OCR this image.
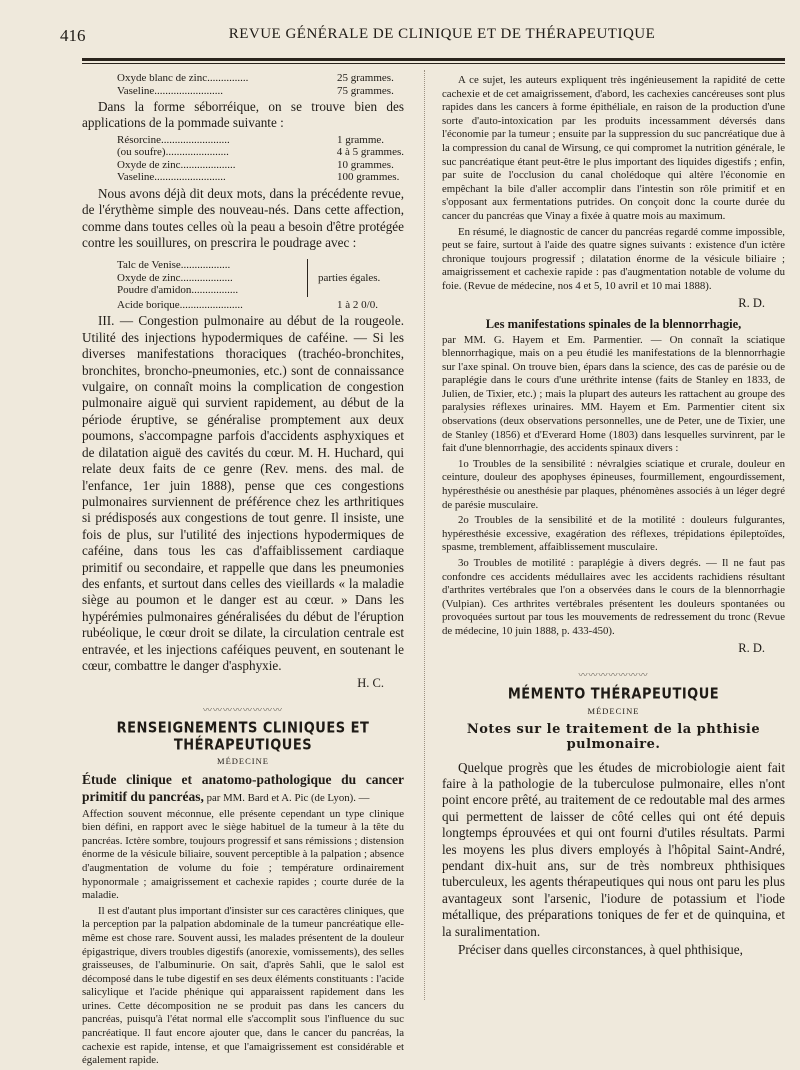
416	REVUE GÉNÉRALE DE CLINIQUE ET DE THÉRAPEUTIQUE
Oxyde blanc de zinc...............	25 grammes.
Vaseline.........................	75 grammes.

Dans la forme séborréique, on se trouve bien des applications de la pommade suivante :

Résorcine.........................	1 gramme.
(ou soufre).......................	4 à 5 grammes.
Oxyde de zinc....................	10 grammes.
Vaseline..........................	100 grammes.

Nous avons déjà dit deux mots, dans la précédente revue, de l'érythème simple des nouveau-nés. Dans cette affection, comme dans toutes celles où la peau a besoin d'être protégée contre les souillures, on prescrira le poudrage avec :

Talc de Venise..................
Oxyde de zinc...................
Poudre d'amidon.................
parties égales.
Acide borique.......................	1 à 2 0/0.

III. — Congestion pulmonaire au début de la rougeole. Utilité des injections hypodermiques de caféine. — Si les diverses manifestations thoraciques (trachéo-bronchites, bronchites, broncho-pneumonies, etc.) sont de connaissance vulgaire, on connaît moins la complication de congestion pulmonaire aiguë qui survient rapidement, au début de la période éruptive, se généralise promptement aux deux poumons, s'accompagne parfois d'accidents asphyxiques et de dilatation aiguë des cavités du cœur. M. H. Huchard, qui relate deux faits de ce genre (Rev. mens. des mal. de l'enfance, 1er juin 1888), pense que ces congestions pulmonaires surviennent de préférence chez les arthritiques si prédisposés aux congestions de tout genre. Il insiste, une fois de plus, sur l'utilité des injections hypodermiques de caféine, dans tous les cas d'affaiblissement cardiaque primitif ou secondaire, et rappelle que dans les pneumonies des enfants, et surtout dans celles des vieillards « la maladie siège au poumon et le danger est au cœur. » Dans les hypérémies pulmonaires généralisées du début de l'éruption rubéolique, le cœur droit se dilate, la circulation centrale est entravée, et les injections caféiques peuvent, en soutenant le cœur, combattre le danger d'asphyxie.

H. C.

〰〰〰〰〰〰〰〰
RENSEIGNEMENTS CLINIQUES ET THÉRAPEUTIQUES
MÉDECINE

Étude clinique et anatomo-pathologique du cancer primitif du pancréas, par MM. Bard et A. Pic (de Lyon). —

Affection souvent méconnue, elle présente cependant un type clinique bien défini, en rapport avec le siège habituel de la tumeur à la tête du pancréas. Ictère sombre, toujours progressif et sans rémissions ; distension énorme de la vésicule biliaire, souvent perceptible à la palpation ; absence d'augmentation de volume du foie ; température ordinairement hyponormale ; amaigrissement et cachexie rapides ; courte durée de la maladie.

Il est d'autant plus important d'insister sur ces caractères cliniques, que la perception par la palpation abdominale de la tumeur pancréatique elle-même est chose rare. Souvent aussi, les malades présentent de la douleur épigastrique, divers troubles digestifs (anorexie, vomissements), des selles graisseuses, de l'albuminurie. On sait, d'après Sahli, que le salol est décomposé dans le tube digestif en ses deux éléments constituants : l'acide salicylique et l'acide phénique qui apparaissent rapidement dans les urines. Cette décomposition ne se produit pas dans les cancers du pancréas, puisqu'à l'état normal elle s'accomplit sous l'influence du suc pancréatique. Il faut encore ajouter que, dans le cancer du pancréas, la cachexie est rapide, intense, et que l'amaigrissement est considérable et également rapide.

A ce sujet, les auteurs expliquent très ingénieusement la rapidité de cette cachexie et de cet amaigrissement, d'abord, les cachexies cancéreuses sont plus rapides dans les cancers à forme épithéliale, en raison de la production d'une sorte d'auto-intoxication par les produits incessamment déversés dans l'économie par la tumeur ; ensuite par la suppression du suc pancréatique due à la compression du canal de Wirsung, ce qui compromet la nutrition générale, le suc pancréatique étant peut-être le plus important des liquides digestifs ; enfin, par suite de l'occlusion du canal cholédoque qui altère l'économie en empêchant la bile d'aller accomplir dans l'intestin son rôle primitif et en s'opposant aux fermentations putrides. On conçoit donc la courte durée du cancer du pancréas que Vinay a fixée à quatre mois au maximum.

En résumé, le diagnostic de cancer du pancréas regardé comme impossible, peut se faire, surtout à l'aide des quatre signes suivants : existence d'un ictère chronique toujours progressif ; dilatation énorme de la vésicule biliaire ; amaigrissement et cachexie rapide : pas d'augmentation notable de volume du foie. (Revue de médecine, nos 4 et 5, 10 avril et 10 mai 1888).

R. D.

Les manifestations spinales de la blennorrhagie,

par MM. G. Hayem et Em. Parmentier. — On connaît la sciatique blennorrhagique, mais on a peu étudié les manifestations de la blennorrhagie sur l'axe spinal. On trouve bien, épars dans la science, des cas de parésie ou de paraplégie dans le cours d'une uréthrite intense (faits de Stanley en 1833, de Julien, de Tixier, etc.) ; mais la plupart des auteurs les rattachent au groupe des paralysies réflexes urinaires. MM. Hayem et Em. Parmentier citent six observations (deux observations personnelles, une de Peter, une de Tixier, une de Stanley (1856) et d'Everard Home (1803) dans lesquelles survinrent, par le fait d'une blennorrhagie, des accidents spinaux divers :

1o Troubles de la sensibilité : névralgies sciatique et crurale, douleur en ceinture, douleur des apophyses épineuses, fourmillement, engourdissement, hypéresthésie ou anesthésie par plaques, phénomènes associés à un léger degré de parésie musculaire.

2o Troubles de la sensibilité et de la motilité : douleurs fulgurantes, hypéresthésie excessive, exagération des réflexes, trépidations épileptoïdes, spasme, tremblement, affaiblissement musculaire.

3o Troubles de motilité : paraplégie à divers degrés. — Il ne faut pas confondre ces accidents médullaires avec les accidents rachidiens résultant d'arthrites vertébrales que l'on a observées dans le cours de la blennorrhagie (Vulpian). Ces arthrites vertébrales présentent les douleurs spontanées ou provoquées surtout par tous les mouvements de redressement du tronc (Revue de médecine, 10 juin 1888, p. 433-450).

R. D.

〰〰〰〰〰〰〰
MÉMENTO THÉRAPEUTIQUE
MÉDECINE
Notes sur le traitement de la phthisie pulmonaire.

Quelque progrès que les études de microbiologie aient fait faire à la pathologie de la tuberculose pulmonaire, elles n'ont point encore prêté, au traitement de ce redoutable mal des armes qui permettent de laisser de côté celles qui ont été depuis longtemps éprouvées et qui ont fourni d'utiles résultats. Parmi les moyens les plus divers employés à l'hôpital Saint-André, pendant dix-huit ans, sur de très nombreux phthisiques tuberculeux, les agents thérapeutiques qui nous ont paru les plus avantageux sont l'arsenic, l'iodure de potassium et l'iode métallique, des préparations toniques de fer et de quinquina, et la suralimentation.

Préciser dans quelles circonstances, à quel phthisique,
